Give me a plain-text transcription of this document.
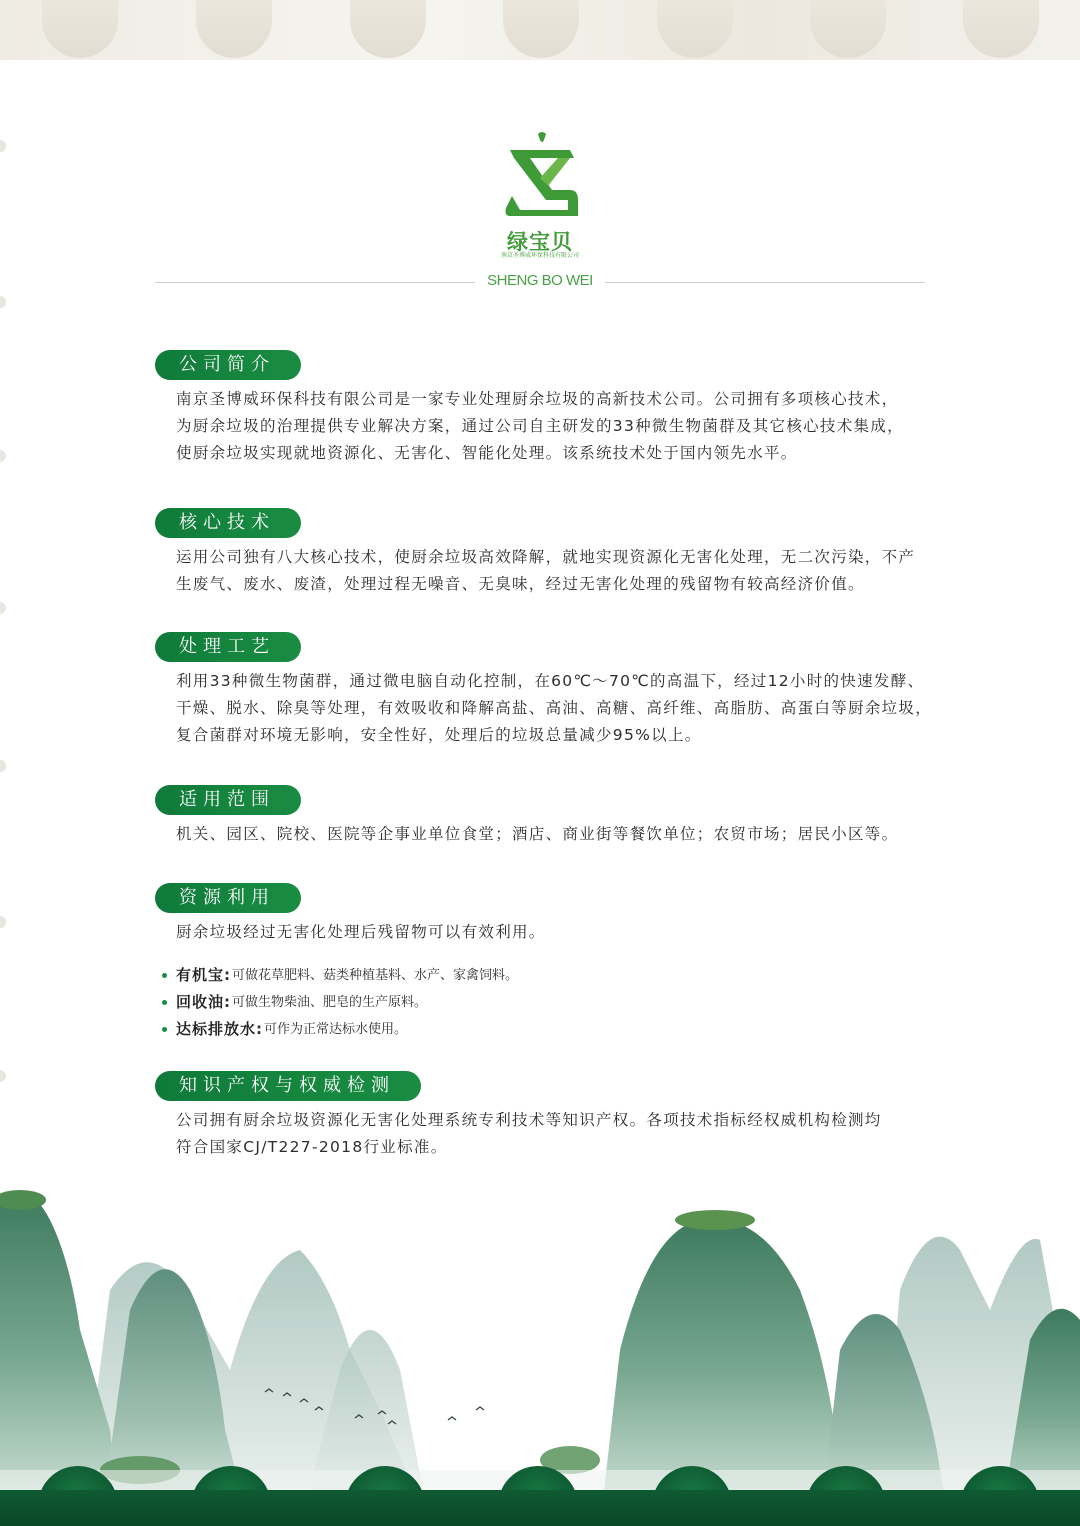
绿宝贝
南京圣博威环保科技有限公司
SHENG BO WEI
公司简介
南京圣博威环保科技有限公司是一家专业处理厨余垃圾的高新技术公司。公司拥有多项核心技术，
为厨余垃圾的治理提供专业解决方案，通过公司自主研发的33种微生物菌群及其它核心技术集成，
使厨余垃圾实现就地资源化、无害化、智能化处理。该系统技术处于国内领先水平。
核心技术
运用公司独有八大核心技术，使厨余垃圾高效降解，就地实现资源化无害化处理，无二次污染，不产
生废气、废水、废渣，处理过程无噪音、无臭味，经过无害化处理的残留物有较高经济价值。
处理工艺
利用33种微生物菌群，通过微电脑自动化控制，在60℃～70℃的高温下，经过12小时的快速发酵、
干燥、脱水、除臭等处理，有效吸收和降解高盐、高油、高糖、高纤维、高脂肪、高蛋白等厨余垃圾，
复合菌群对环境无影响，安全性好，处理后的垃圾总量减少95%以上。
适用范围
机关、园区、院校、医院等企事业单位食堂；酒店、商业街等餐饮单位；农贸市场；居民小区等。
资源利用
厨余垃圾经过无害化处理后残留物可以有效利用。
有机宝 : 可做花草肥料、菇类种植基料、水产、家禽饲料。
回收油 : 可做生物柴油、肥皂的生产原料。
达标排放水 : 可作为正常达标水使用。
知识产权与权威检测
公司拥有厨余垃圾资源化无害化处理系统专利技术等知识产权。各项技术指标经权威机构检测均
符合国家CJ/T227-2018行业标准。
